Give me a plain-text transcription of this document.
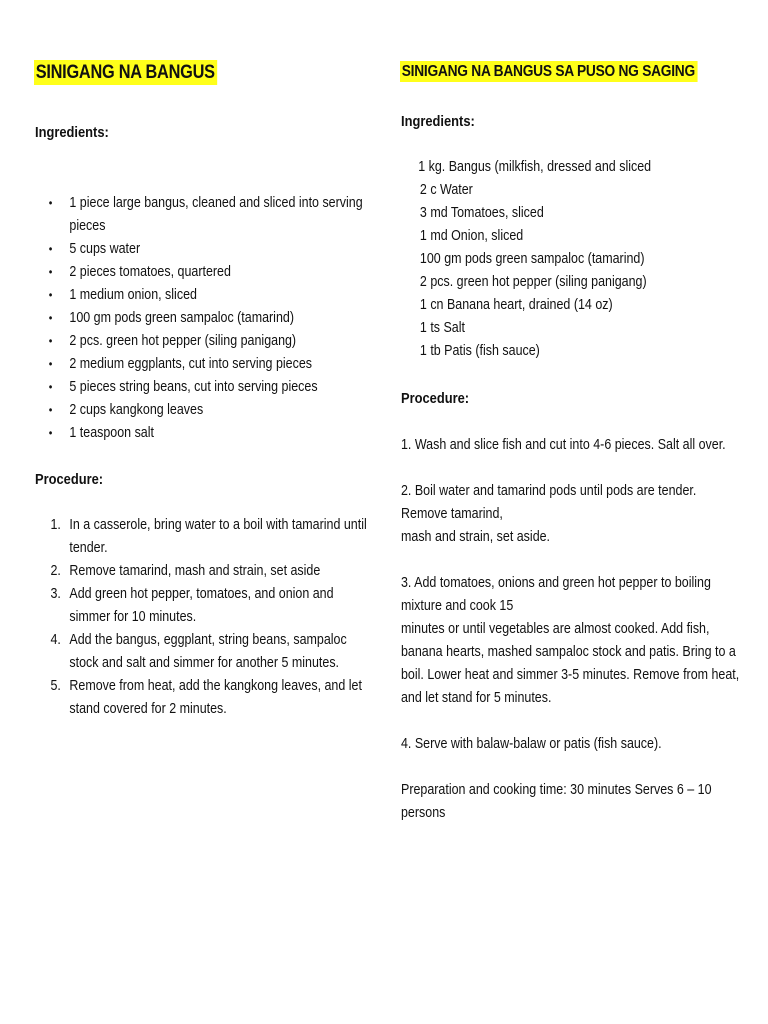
SINIGANG NA BANGUS
Ingredients:
• 1 piece large bangus, cleaned and sliced into serving pieces
• 5 cups water
• 2 pieces tomatoes, quartered
• 1 medium onion, sliced
• 100 gm pods green sampaloc (tamarind)
• 2 pcs. green hot pepper (siling panigang)
• 2 medium eggplants, cut into serving pieces
• 5 pieces string beans, cut into serving pieces
• 2 cups kangkong leaves
• 1 teaspoon salt
Procedure:
1. In a casserole, bring water to a boil with tamarind until tender.
2. Remove tamarind, mash and strain, set aside
3. Add green hot pepper, tomatoes, and onion and simmer for 10 minutes.
4. Add the bangus, eggplant, string beans, sampaloc stock and salt and simmer for another 5 minutes.
5. Remove from heat, add the kangkong leaves, and let stand covered for 2 minutes.
SINIGANG NA BANGUS SA PUSO NG SAGING
Ingredients:
1 kg. Bangus (milkfish, dressed and sliced
2 c Water
3 md Tomatoes, sliced
1 md Onion, sliced
100 gm pods green sampaloc (tamarind)
2 pcs. green hot pepper (siling panigang)
1 cn Banana heart, drained (14 oz)
1 ts Salt
1 tb Patis (fish sauce)
Procedure:

1. Wash and slice fish and cut into 4-6 pieces. Salt all over.

2. Boil water and tamarind pods until pods are tender.
Remove tamarind,
mash and strain, set aside.

3. Add tomatoes, onions and green hot pepper to boiling
mixture and cook 15
minutes or until vegetables are almost cooked. Add fish,
banana hearts, mashed sampaloc stock and patis. Bring to a
boil. Lower heat and simmer 3-5 minutes. Remove from heat,
and let stand for 5 minutes.

4. Serve with balaw-balaw or patis (fish sauce).

Preparation and cooking time: 30 minutes Serves 6 – 10
persons
